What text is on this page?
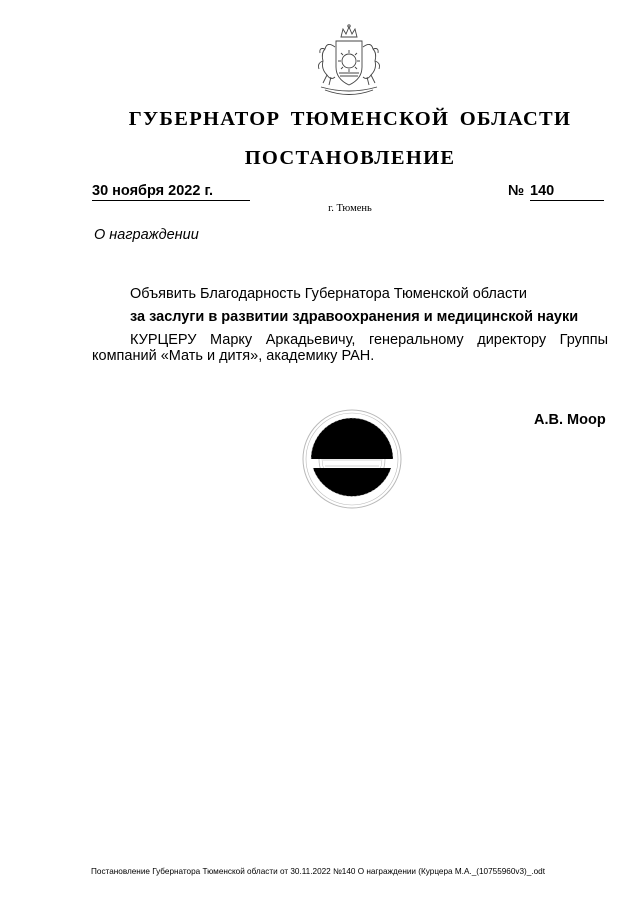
ГУБЕРНАТОР ТЮМЕНСКОЙ ОБЛАСТИ
ПОСТАНОВЛЕНИЕ
30 ноября 2022 г.	№ 140
г. Тюмень
О награждении
Объявить Благодарность Губернатора Тюменской области
за заслуги в развитии здравоохранения и медицинской науки
КУРЦЕРУ Марку Аркадьевичу, генеральному директору Группы
компаний «Мать и дитя», академику РАН.
А.В. Моор
Постановление Губернатора Тюменской области от 30.11.2022 №140 О награждении (Курцера М.А._(10755960v3)_.odt
